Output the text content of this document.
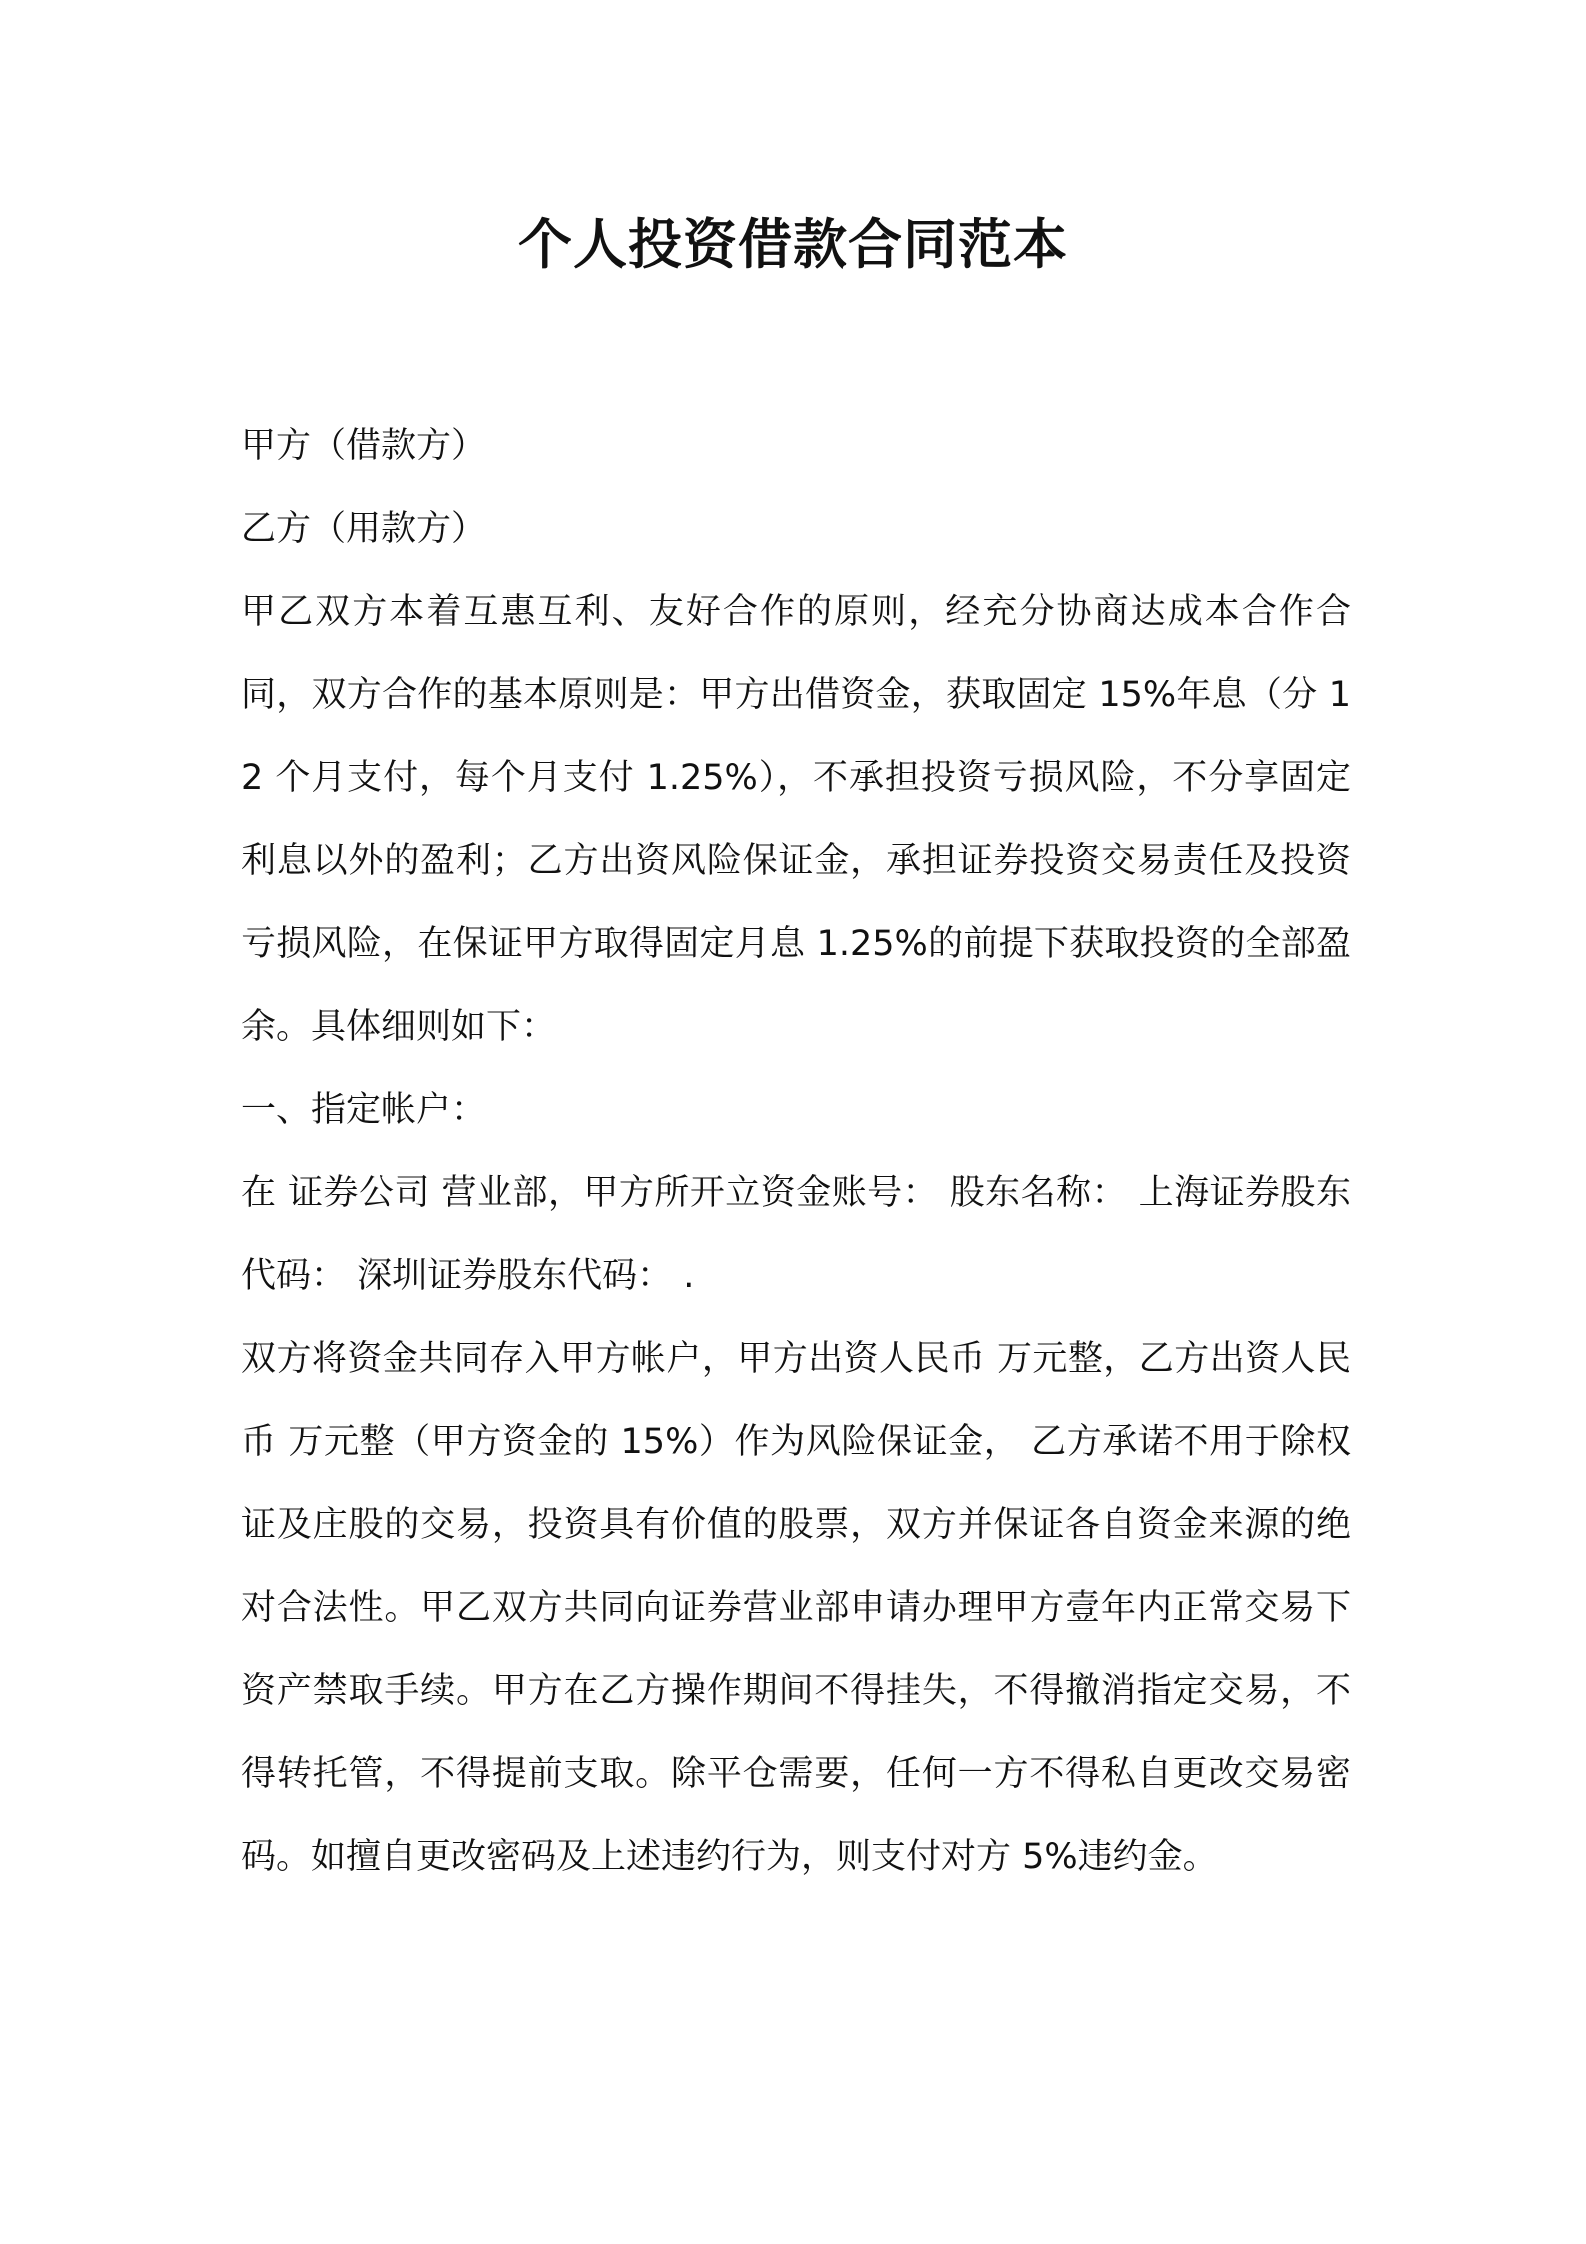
个人投资借款合同范本

甲方（借款方）

乙方（用款方）

甲乙双方本着互惠互利、友好合作的原则，经充分协商达成本合作合同，双方合作的基本原则是：甲方出借资金，获取固定 15%年息（分 12 个月支付，每个月支付 1.25%），不承担投资亏损风险，不分享固定利息以外的盈利；乙方出资风险保证金，承担证券投资交易责任及投资亏损风险，在保证甲方取得固定月息 1.25%的前提下获取投资的全部盈余。具体细则如下：

一、指定帐户：

在 证券公司 营业部，甲方所开立资金账号： 股东名称： 上海证券股东代码： 深圳证券股东代码： .

双方将资金共同存入甲方帐户，甲方出资人民币 万元整，乙方出资人民币 万元整（甲方资金的 15%）作为风险保证金， 乙方承诺不用于除权证及庄股的交易，投资具有价值的股票，双方并保证各自资金来源的绝对合法性。甲乙双方共同向证券营业部申请办理甲方壹年内正常交易下资产禁取手续。甲方在乙方操作期间不得挂失，不得撤消指定交易，不得转托管，不得提前支取。除平仓需要，任何一方不得私自更改交易密码。如擅自更改密码及上述违约行为，则支付对方 5%违约金。
